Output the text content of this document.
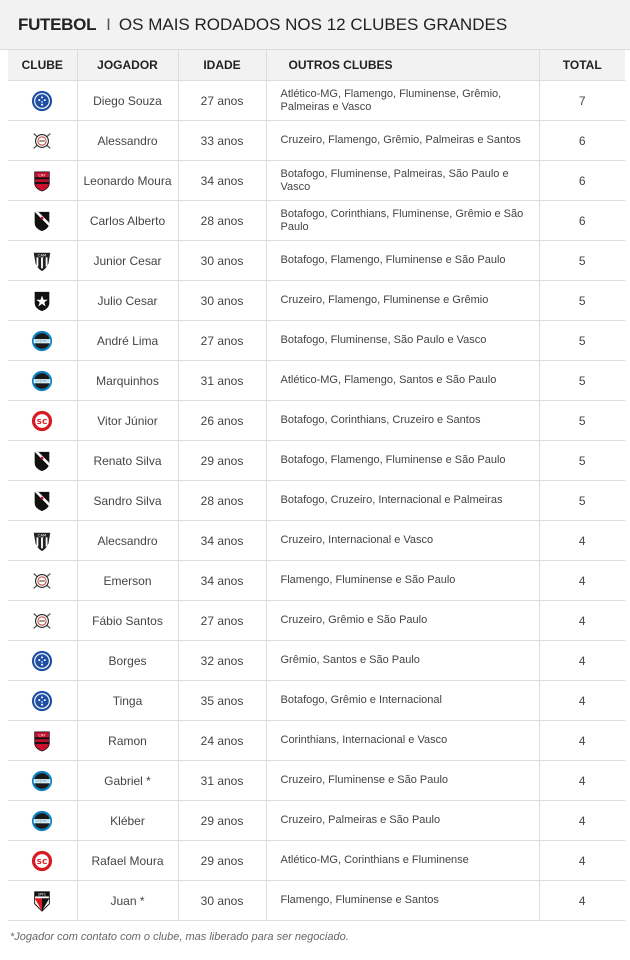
FUTEBOL I OS MAIS RODADOS NOS 12 CLUBES GRANDES
CLUBE	JOGADOR	IDADE	OUTROS CLUBES	TOTAL
	Diego Souza	27 anos	Atlético-MG, Flamengo, Fluminense, Grêmio, Palmeiras e Vasco	7
	Alessandro	33 anos	Cruzeiro, Flamengo, Grêmio, Palmeiras e Santos	6

CRF	Leonardo Moura	34 anos	Botafogo, Fluminense, Palmeiras, São Paulo e Vasco	6
	Carlos Alberto	28 anos	Botafogo, Corinthians, Fluminense, Grêmio e São Paulo	6

CAM	Junior Cesar	30 anos	Botafogo, Flamengo, Fluminense e São Paulo	5
	Julio Cesar	30 anos	Cruzeiro, Flamengo, Fluminense e Grêmio	5

GRÊMIO	André Lima	27 anos	Botafogo, Fluminense, São Paulo e Vasco	5

GRÊMIO	Marquinhos	31 anos	Atlético-MG, Flamengo, Santos e São Paulo	5

SC	Vitor Júnior	26 anos	Botafogo, Corinthians, Cruzeiro e Santos	5
	Renato Silva	29 anos	Botafogo, Flamengo, Fluminense e São Paulo	5
	Sandro Silva	28 anos	Botafogo, Cruzeiro, Internacional e Palmeiras	5

CAM	Alecsandro	34 anos	Cruzeiro, Internacional e Vasco	4
	Emerson	34 anos	Flamengo, Fluminense e São Paulo	4
	Fábio Santos	27 anos	Cruzeiro, Grêmio e São Paulo	4
	Borges	32 anos	Grêmio, Santos e São Paulo	4
	Tinga	35 anos	Botafogo, Grêmio e Internacional	4

CRF	Ramon	24 anos	Corinthians, Internacional e Vasco	4

GRÊMIO	Gabriel *	31 anos	Cruzeiro, Fluminense e São Paulo	4

GRÊMIO	Kléber	29 anos	Cruzeiro, Palmeiras e São Paulo	4

SC	Rafael Moura	29 anos	Atlético-MG, Corinthians e Fluminense	4

SPFC	Juan *	30 anos	Flamengo, Fluminense e Santos	4
*Jogador com contato com o clube, mas liberado para ser negociado.
